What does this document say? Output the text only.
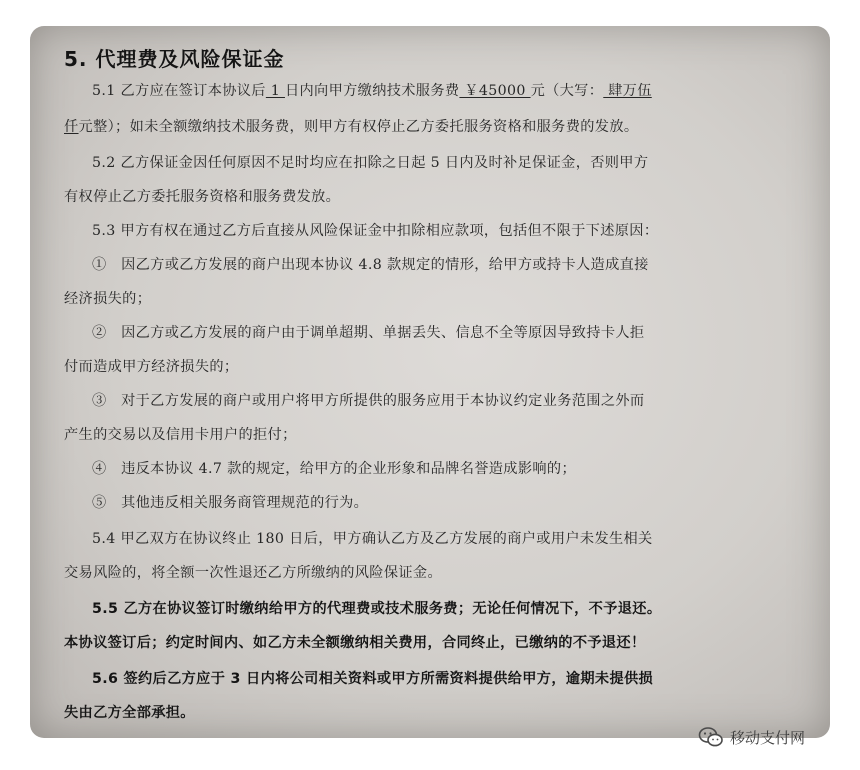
5. 代理费及风险保证金
5.1 乙方应在签订本协议后 1 日内向甲方缴纳技术服务费 ￥45000 元（大写： 肆万伍
仟元整）；如未全额缴纳技术服务费，则甲方有权停止乙方委托服务资格和服务费的发放。
5.2 乙方保证金因任何原因不足时均应在扣除之日起 5 日内及时补足保证金，否则甲方
有权停止乙方委托服务资格和服务费发放。
5.3 甲方有权在通过乙方后直接从风险保证金中扣除相应款项，包括但不限于下述原因：
①　因乙方或乙方发展的商户出现本协议 4.8 款规定的情形，给甲方或持卡人造成直接
经济损失的；
②　因乙方或乙方发展的商户由于调单超期、单据丢失、信息不全等原因导致持卡人拒
付而造成甲方经济损失的；
③　对于乙方发展的商户或用户将甲方所提供的服务应用于本协议约定业务范围之外而
产生的交易以及信用卡用户的拒付；
④　违反本协议 4.7 款的规定，给甲方的企业形象和品牌名誉造成影响的；
⑤　其他违反相关服务商管理规范的行为。
5.4 甲乙双方在协议终止 180 日后，甲方确认乙方及乙方发展的商户或用户未发生相关
交易风险的，将全额一次性退还乙方所缴纳的风险保证金。
5.5 乙方在协议签订时缴纳给甲方的代理费或技术服务费；无论任何情况下，不予退还。
本协议签订后；约定时间内、如乙方未全额缴纳相关费用，合同终止，已缴纳的不予退还！
5.6 签约后乙方应于 3 日内将公司相关资料或甲方所需资料提供给甲方，逾期未提供损
失由乙方全部承担。
移动支付网
